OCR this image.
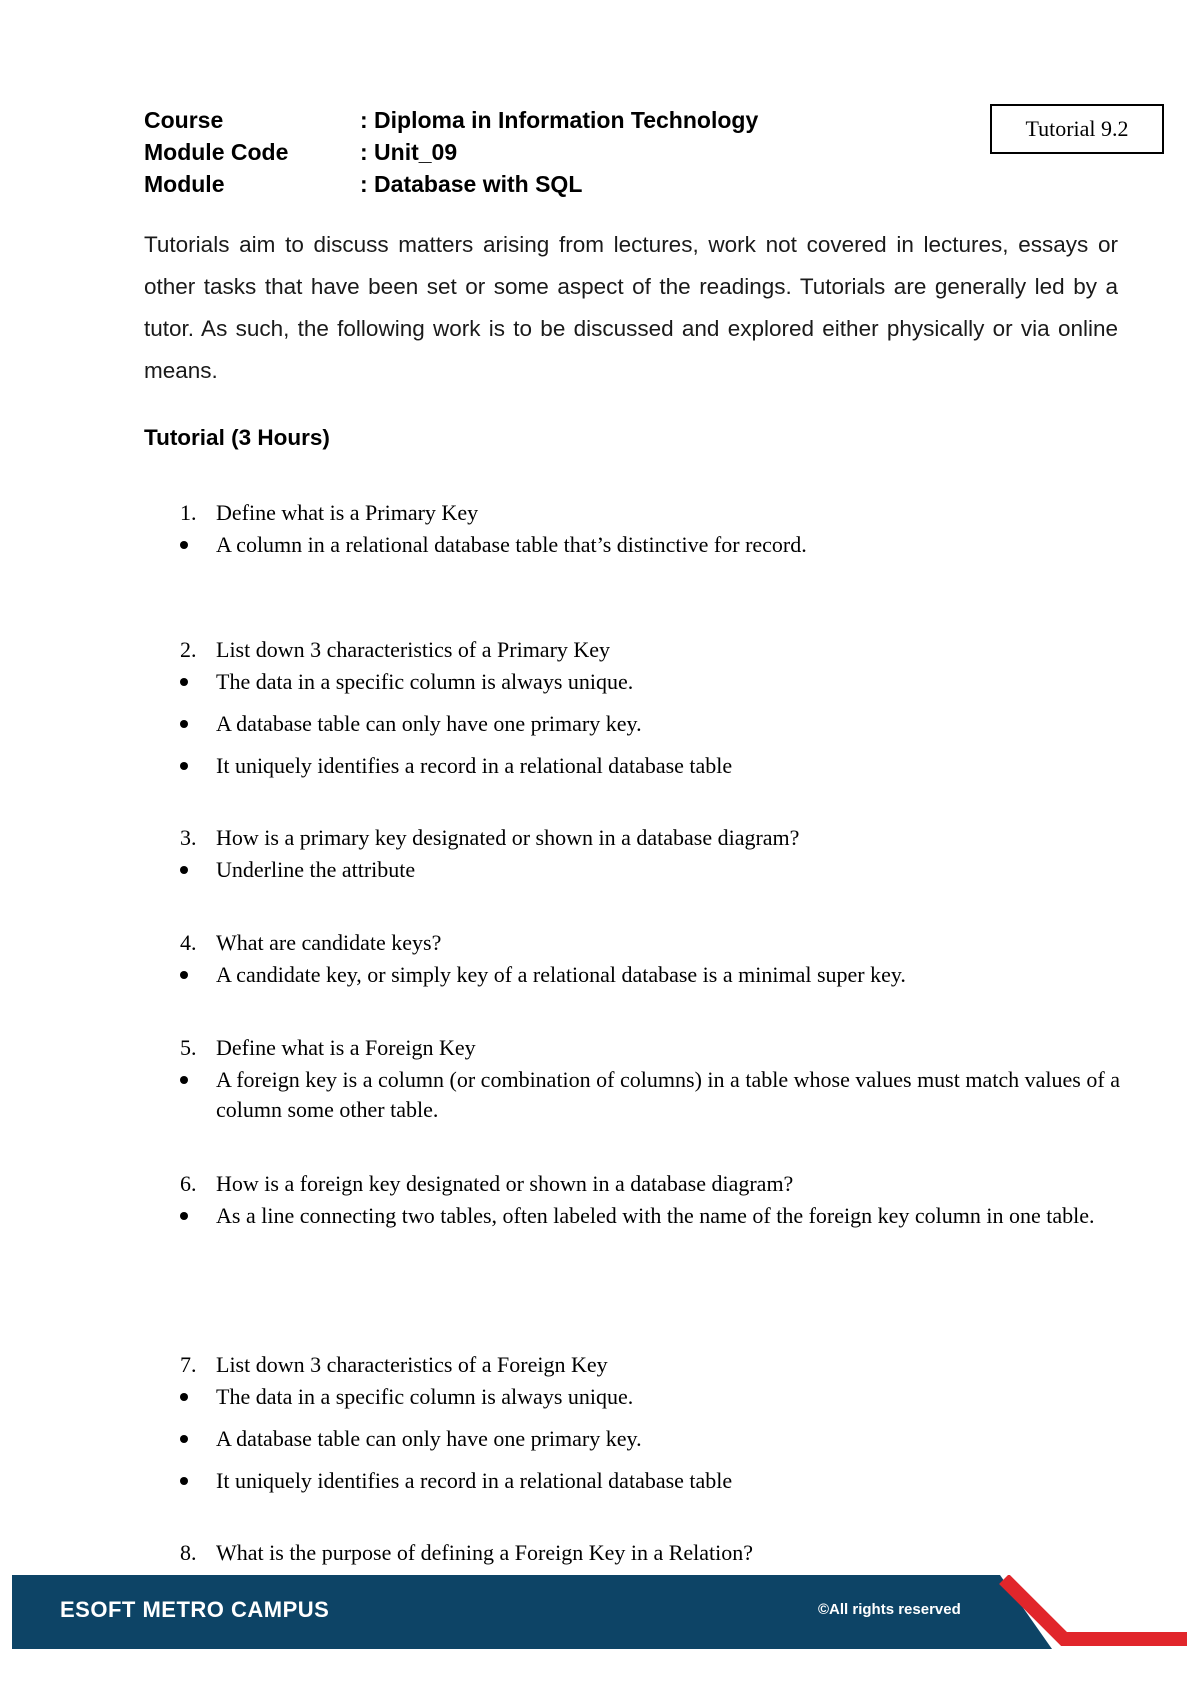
Course	: Diploma in Information Technology
Module Code	: Unit_09
Module	: Database with SQL
Tutorial 9.2

Tutorials aim to discuss matters arising from lectures, work not covered in lectures, essays or other tasks that have been set or some aspect of the readings. Tutorials are generally led by a tutor. As such, the following work is to be discussed and explored either physically or via online means.

Tutorial (3 Hours)
1. Define what is a Primary Key
A column in a relational database table that’s distinctive for record.
2. List down 3 characteristics of a Primary Key
The data in a specific column is always unique.
A database table can only have one primary key.
It uniquely identifies a record in a relational database table
3. How is a primary key designated or shown in a database diagram?
Underline the attribute
4. What are candidate keys?
A candidate key, or simply key of a relational database is a minimal super key.
5. Define what is a Foreign Key
A foreign key is a column (or combination of columns) in a table whose values must match values of a column some other table.
6. How is a foreign key designated or shown in a database diagram?
As a line connecting two tables, often labeled with the name of the foreign key column in one table.
7. List down 3 characteristics of a Foreign Key
The data in a specific column is always unique.
A database table can only have one primary key.
It uniquely identifies a record in a relational database table
8. What is the purpose of defining a Foreign Key in a Relation?
ESOFT METRO CAMPUS	©All rights reserved
